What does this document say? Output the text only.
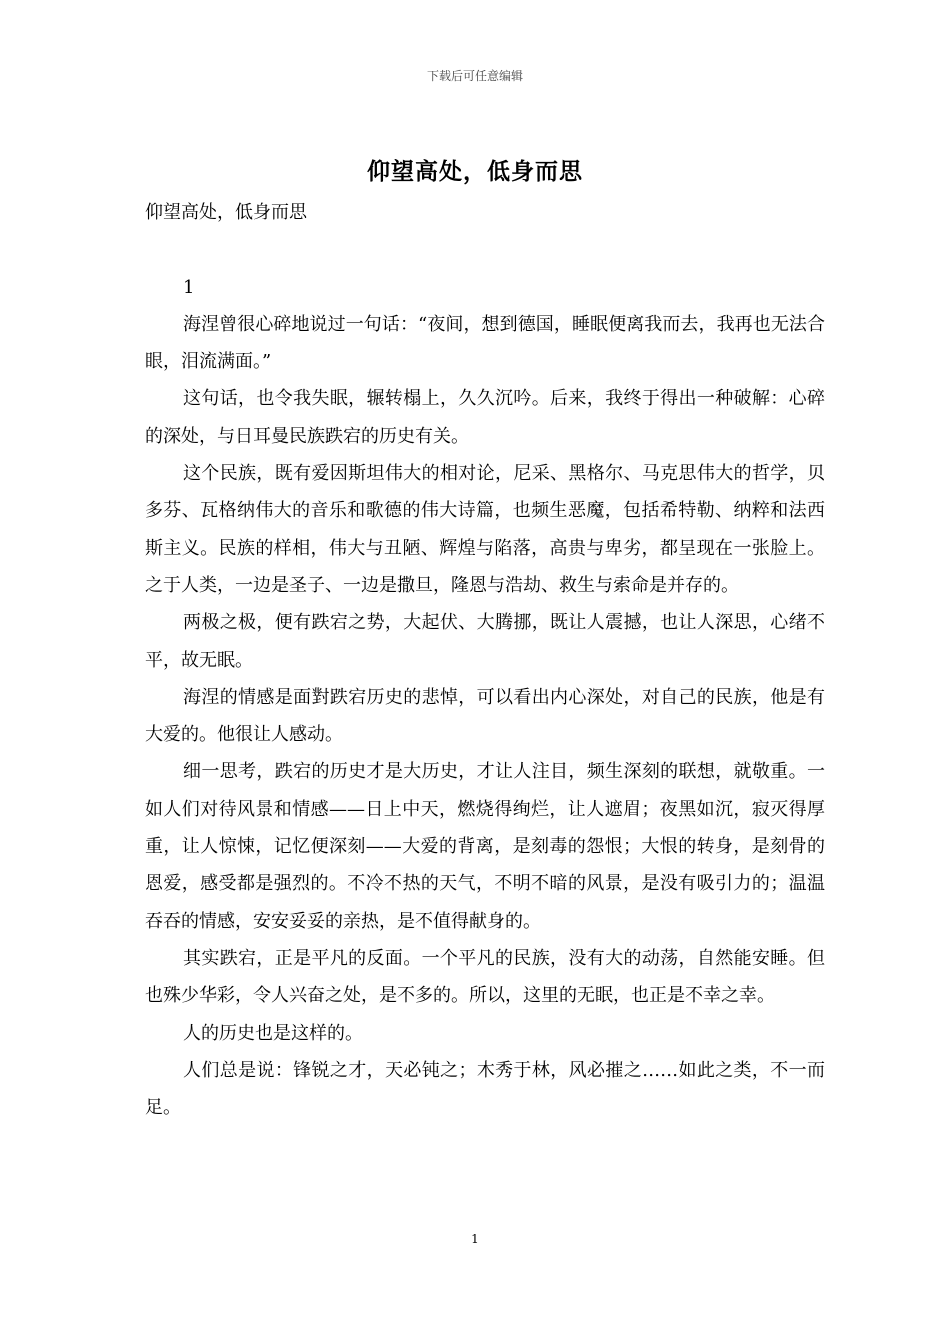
下载后可任意编辑
仰望高处，低身而思

仰望高处，低身而思

1

海涅曾很心碎地说过一句话：“夜间，想到德国，睡眠便离我而去，我再也无法合眼，泪流满面。”

这句话，也令我失眠，辗转榻上，久久沉吟。后来，我终于得出一种破解：心碎的深处，与日耳曼民族跌宕的历史有关。

这个民族，既有爱因斯坦伟大的相对论，尼采、黑格尔、马克思伟大的哲学，贝多芬、瓦格纳伟大的音乐和歌德的伟大诗篇，也频生恶魔，包括希特勒、纳粹和法西斯主义。民族的样相，伟大与丑陋、辉煌与陷落，高贵与卑劣，都呈现在一张脸上。之于人类，一边是圣子、一边是撒旦，隆恩与浩劫、救生与索命是并存的。

两极之极，便有跌宕之势，大起伏、大腾挪，既让人震撼，也让人深思，心绪不平，故无眠。

海涅的情感是面對跌宕历史的悲悼，可以看出内心深处，对自己的民族，他是有大爱的。他很让人感动。

细一思考，跌宕的历史才是大历史，才让人注目，频生深刻的联想，就敬重。一如人们对待风景和情感——日上中天，燃烧得绚烂，让人遮眉；夜黑如沉，寂灭得厚重，让人惊悚，记忆便深刻——大爱的背离，是刻毒的怨恨；大恨的转身，是刻骨的恩爱，感受都是强烈的。不冷不热的天气，不明不暗的风景，是没有吸引力的；温温吞吞的情感，安安妥妥的亲热，是不值得献身的。

其实跌宕，正是平凡的反面。一个平凡的民族，没有大的动荡，自然能安睡。但也殊少华彩，令人兴奋之处，是不多的。所以，这里的无眠，也正是不幸之幸。

人的历史也是这样的。

人们总是说：锋锐之才，天必钝之；木秀于林，风必摧之……如此之类，不一而足。

1
